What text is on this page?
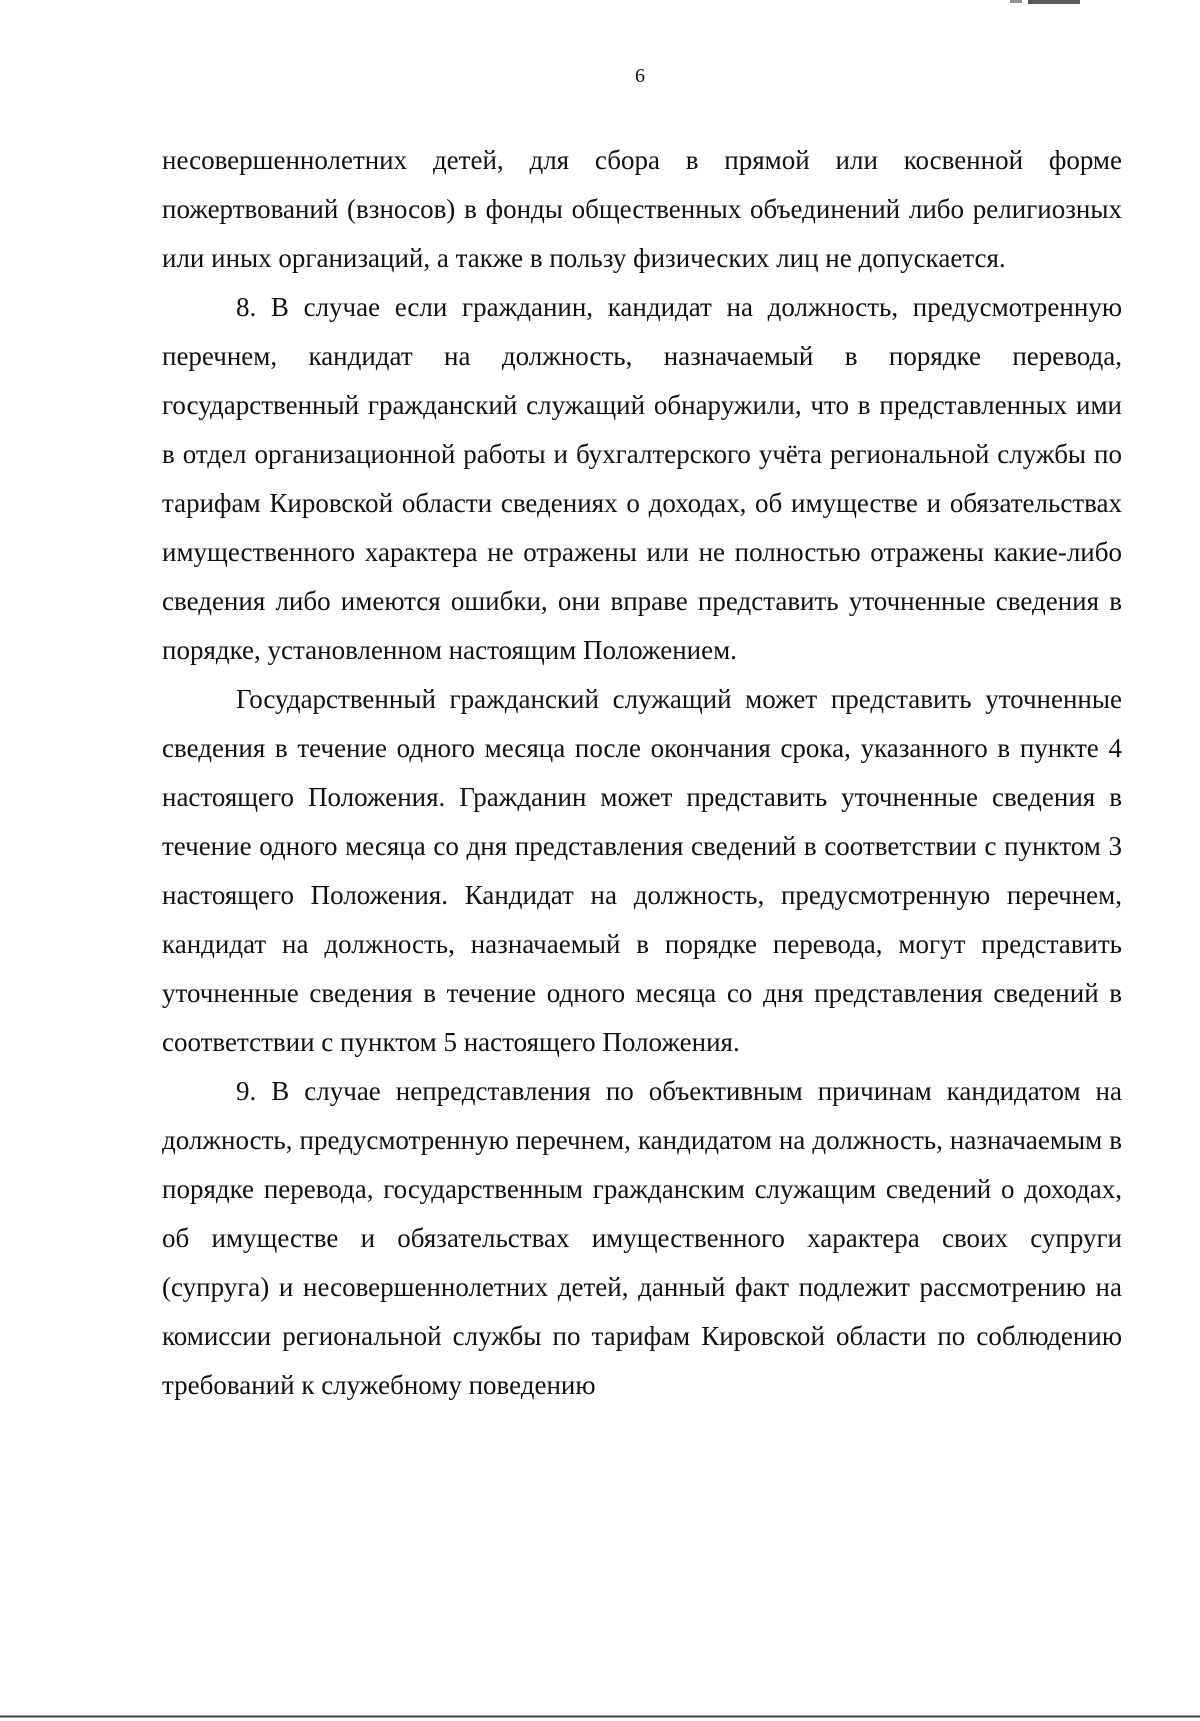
6

несовершеннолетних детей, для сбора в прямой или косвенной форме пожертвований (взносов) в фонды общественных объединений либо религиозных или иных организаций, а также в пользу физических лиц не допускается.

8. В случае если гражданин, кандидат на должность, предусмотренную перечнем, кандидат на должность, назначаемый в порядке перевода, государственный гражданский служащий обнаружили, что в представленных ими в отдел организационной работы и бухгалтерского учёта региональной службы по тарифам Кировской области сведениях о доходах, об имуществе и обязательствах имущественного характера не отражены или не полностью отражены какие-либо сведения либо имеются ошибки, они вправе представить уточненные сведения в порядке, установленном настоящим Положением.

Государственный гражданский служащий может представить уточненные сведения в течение одного месяца после окончания срока, указанного в пункте 4 настоящего Положения. Гражданин может представить уточненные сведения в течение одного месяца со дня представления сведений в соответствии с пунктом 3 настоящего Положения. Кандидат на должность, предусмотренную перечнем, кандидат на должность, назначаемый в порядке перевода, могут представить уточненные сведения в течение одного месяца со дня представления сведений в соответствии с пунктом 5 настоящего Положения.

9. В случае непредставления по объективным причинам кандидатом на должность, предусмотренную перечнем, кандидатом на должность, назначаемым в порядке перевода, государственным гражданским служащим сведений о доходах, об имуществе и обязательствах имущественного характера своих супруги (супруга) и несовершеннолетних детей, данный факт подлежит рассмотрению на комиссии региональной службы по тарифам Кировской области по соблюдению требований к служебному поведению
